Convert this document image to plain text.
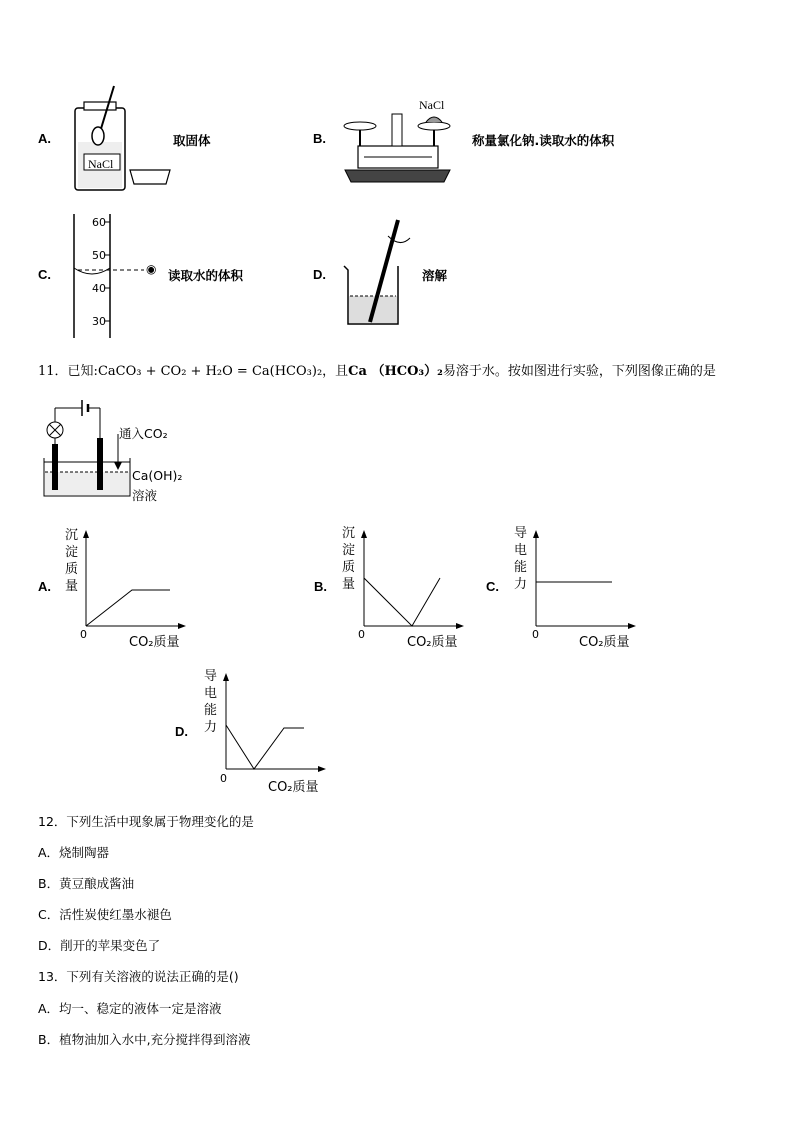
A.
NaCl
取固体	B.
NaCl
称量氯化钠.读取水的体积
C.	◉
60
50
40
30
读取水的体积	D.	溶解
11．已知:CaCO₃ + CO₂ + H₂O = Ca(HCO₃)₂，且Ca （HCO₃）₂易溶于水。按如图进行实验，下列图像正确的是
通入CO₂
Ca(OH)₂
溶液
A.
沉
淀
质
量
0
CO₂质量
B.
沉
淀
质
量
0
CO₂质量
C.
导
电
能
力
0
CO₂质量
D.
导
电
能
力
0
CO₂质量
12．下列生活中现象属于物理变化的是
A．烧制陶器
B．黄豆酿成酱油
C．活性炭使红墨水褪色
D．削开的苹果变色了
13．下列有关溶液的说法正确的是()
A．均一、稳定的液体一定是溶液
B．植物油加入水中,充分搅拌得到溶液
